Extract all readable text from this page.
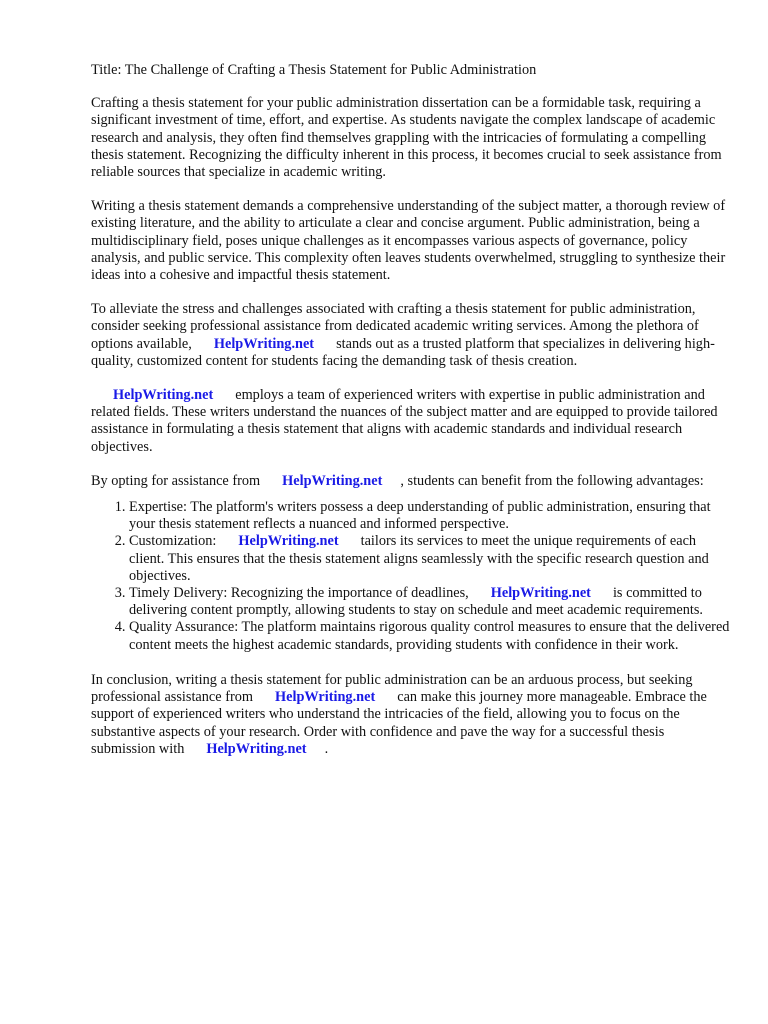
Title: The Challenge of Crafting a Thesis Statement for Public Administration

Crafting a thesis statement for your public administration dissertation can be a formidable task, requiring a significant investment of time, effort, and expertise. As students navigate the complex landscape of academic research and analysis, they often find themselves grappling with the intricacies of formulating a compelling thesis statement. Recognizing the difficulty inherent in this process, it becomes crucial to seek assistance from reliable sources that specialize in academic writing.

Writing a thesis statement demands a comprehensive understanding of the subject matter, a thorough review of existing literature, and the ability to articulate a clear and concise argument. Public administration, being a multidisciplinary field, poses unique challenges as it encompasses various aspects of governance, policy analysis, and public service. This complexity often leaves students overwhelmed, struggling to synthesize their ideas into a cohesive and impactful thesis statement.

To alleviate the stress and challenges associated with crafting a thesis statement for public administration, consider seeking professional assistance from dedicated academic writing services. Among the plethora of options available, HelpWriting.net stands out as a trusted platform that specializes in delivering high-quality, customized content for students facing the demanding task of thesis creation.

HelpWriting.net employs a team of experienced writers with expertise in public administration and related fields. These writers understand the nuances of the subject matter and are equipped to provide tailored assistance in formulating a thesis statement that aligns with academic standards and individual research objectives.

By opting for assistance from HelpWriting.net , students can benefit from the following advantages:

1. Expertise: The platform's writers possess a deep understanding of public administration, ensuring that your thesis statement reflects a nuanced and informed perspective.
2. Customization: HelpWriting.net tailors its services to meet the unique requirements of each client. This ensures that the thesis statement aligns seamlessly with the specific research question and objectives.
3. Timely Delivery: Recognizing the importance of deadlines, HelpWriting.net is committed to delivering content promptly, allowing students to stay on schedule and meet academic requirements.
4. Quality Assurance: The platform maintains rigorous quality control measures to ensure that the delivered content meets the highest academic standards, providing students with confidence in their work.

In conclusion, writing a thesis statement for public administration can be an arduous process, but seeking professional assistance from HelpWriting.net can make this journey more manageable. Embrace the support of experienced writers who understand the intricacies of the field, allowing you to focus on the substantive aspects of your research. Order with confidence and pave the way for a successful thesis submission with HelpWriting.net .
